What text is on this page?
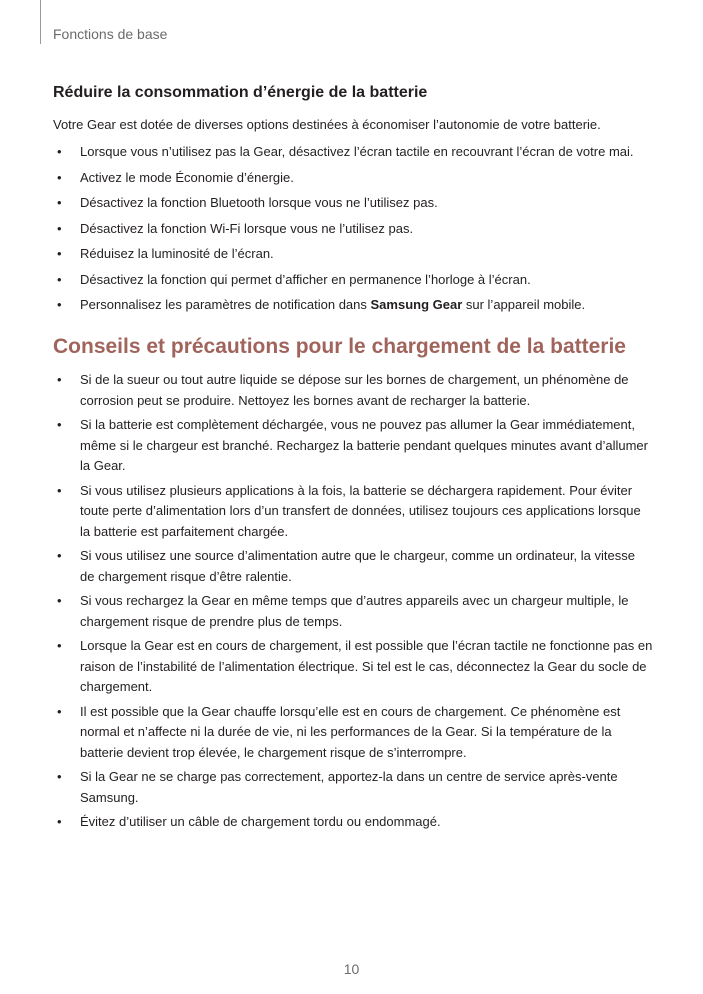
Fonctions de base
Réduire la consommation d’énergie de la batterie
Votre Gear est dotée de diverses options destinées à économiser l’autonomie de votre batterie.
• Lorsque vous n’utilisez pas la Gear, désactivez l’écran tactile en recouvrant l’écran de votre mai.
• Activez le mode Économie d’énergie.
• Désactivez la fonction Bluetooth lorsque vous ne l’utilisez pas.
• Désactivez la fonction Wi-Fi lorsque vous ne l’utilisez pas.
• Réduisez la luminosité de l’écran.
• Désactivez la fonction qui permet d’afficher en permanence l’horloge à l’écran.
• Personnalisez les paramètres de notification dans Samsung Gear sur l’appareil mobile.
Conseils et précautions pour le chargement de la batterie
• Si de la sueur ou tout autre liquide se dépose sur les bornes de chargement, un phénomène de corrosion peut se produire. Nettoyez les bornes avant de recharger la batterie.
• Si la batterie est complètement déchargée, vous ne pouvez pas allumer la Gear immédiatement, même si le chargeur est branché. Rechargez la batterie pendant quelques minutes avant d’allumer la Gear.
• Si vous utilisez plusieurs applications à la fois, la batterie se déchargera rapidement. Pour éviter toute perte d’alimentation lors d’un transfert de données, utilisez toujours ces applications lorsque la batterie est parfaitement chargée.
• Si vous utilisez une source d’alimentation autre que le chargeur, comme un ordinateur, la vitesse de chargement risque d’être ralentie.
• Si vous rechargez la Gear en même temps que d’autres appareils avec un chargeur multiple, le chargement risque de prendre plus de temps.
• Lorsque la Gear est en cours de chargement, il est possible que l’écran tactile ne fonctionne pas en raison de l’instabilité de l’alimentation électrique. Si tel est le cas, déconnectez la Gear du socle de chargement.
• Il est possible que la Gear chauffe lorsqu’elle est en cours de chargement. Ce phénomène est normal et n’affecte ni la durée de vie, ni les performances de la Gear. Si la température de la batterie devient trop élevée, le chargement risque de s’interrompre.
• Si la Gear ne se charge pas correctement, apportez-la dans un centre de service après-vente Samsung.
• Évitez d’utiliser un câble de chargement tordu ou endommagé.
10
